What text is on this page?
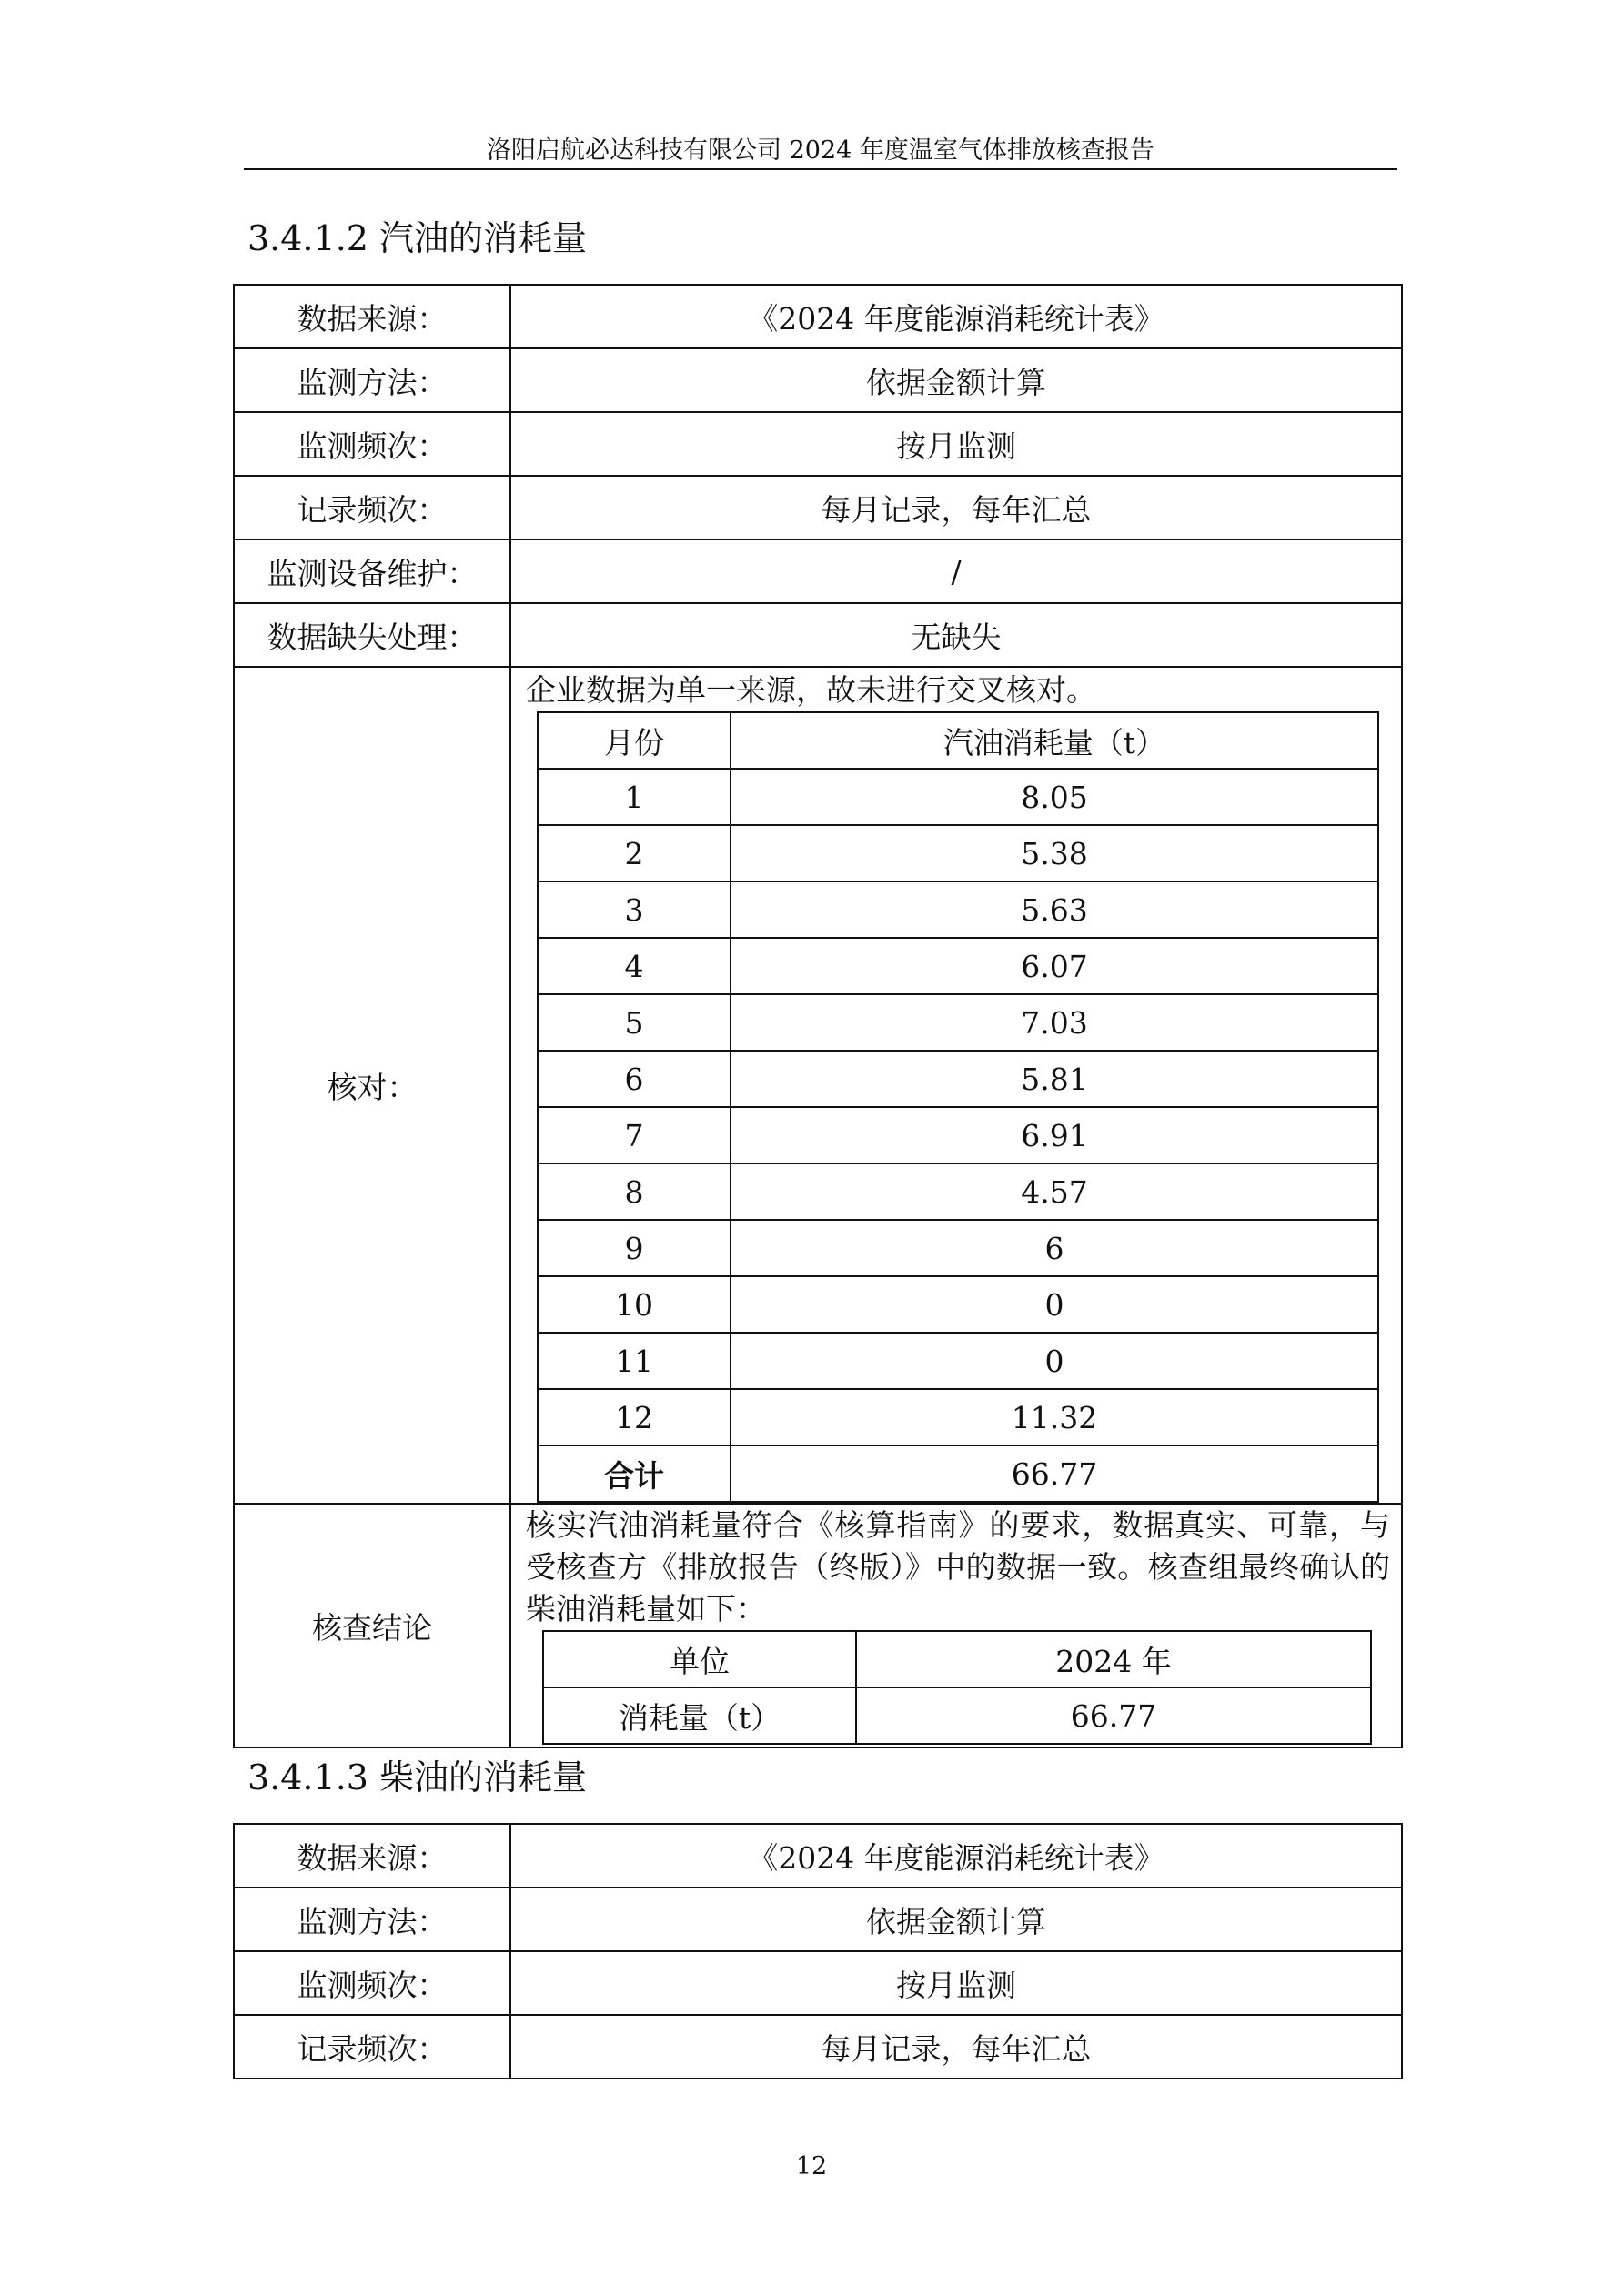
洛阳启航必达科技有限公司 2024 年度温室气体排放核查报告
3.4.1.2 汽油的消耗量
数据来源：	《2024 年度能源消耗统计表》
监测方法：	依据金额计算
监测频次：	按月监测
记录频次：	每月记录，每年汇总
监测设备维护：	/
数据缺失处理：	无缺失
核对：	
企业数据为单一来源，故未进行交叉核对。
月份	汽油消耗量（t）
1	8.05
2	5.38
3	5.63
4	6.07
5	7.03
6	5.81
7	6.91
8	4.57
9	6
10	0
11	0
12	11.32
合计	66.77

核查结论	
核实汽油消耗量符合《核算指南》的要求，数据真实、可靠，与受核查方《排放报告（终版）》中的数据一致。核查组最终确认的柴油消耗量如下：
单位	2024 年
消耗量（t）	66.77
3.4.1.3 柴油的消耗量
数据来源：	《2024 年度能源消耗统计表》
监测方法：	依据金额计算
监测频次：	按月监测
记录频次：	每月记录，每年汇总
12
